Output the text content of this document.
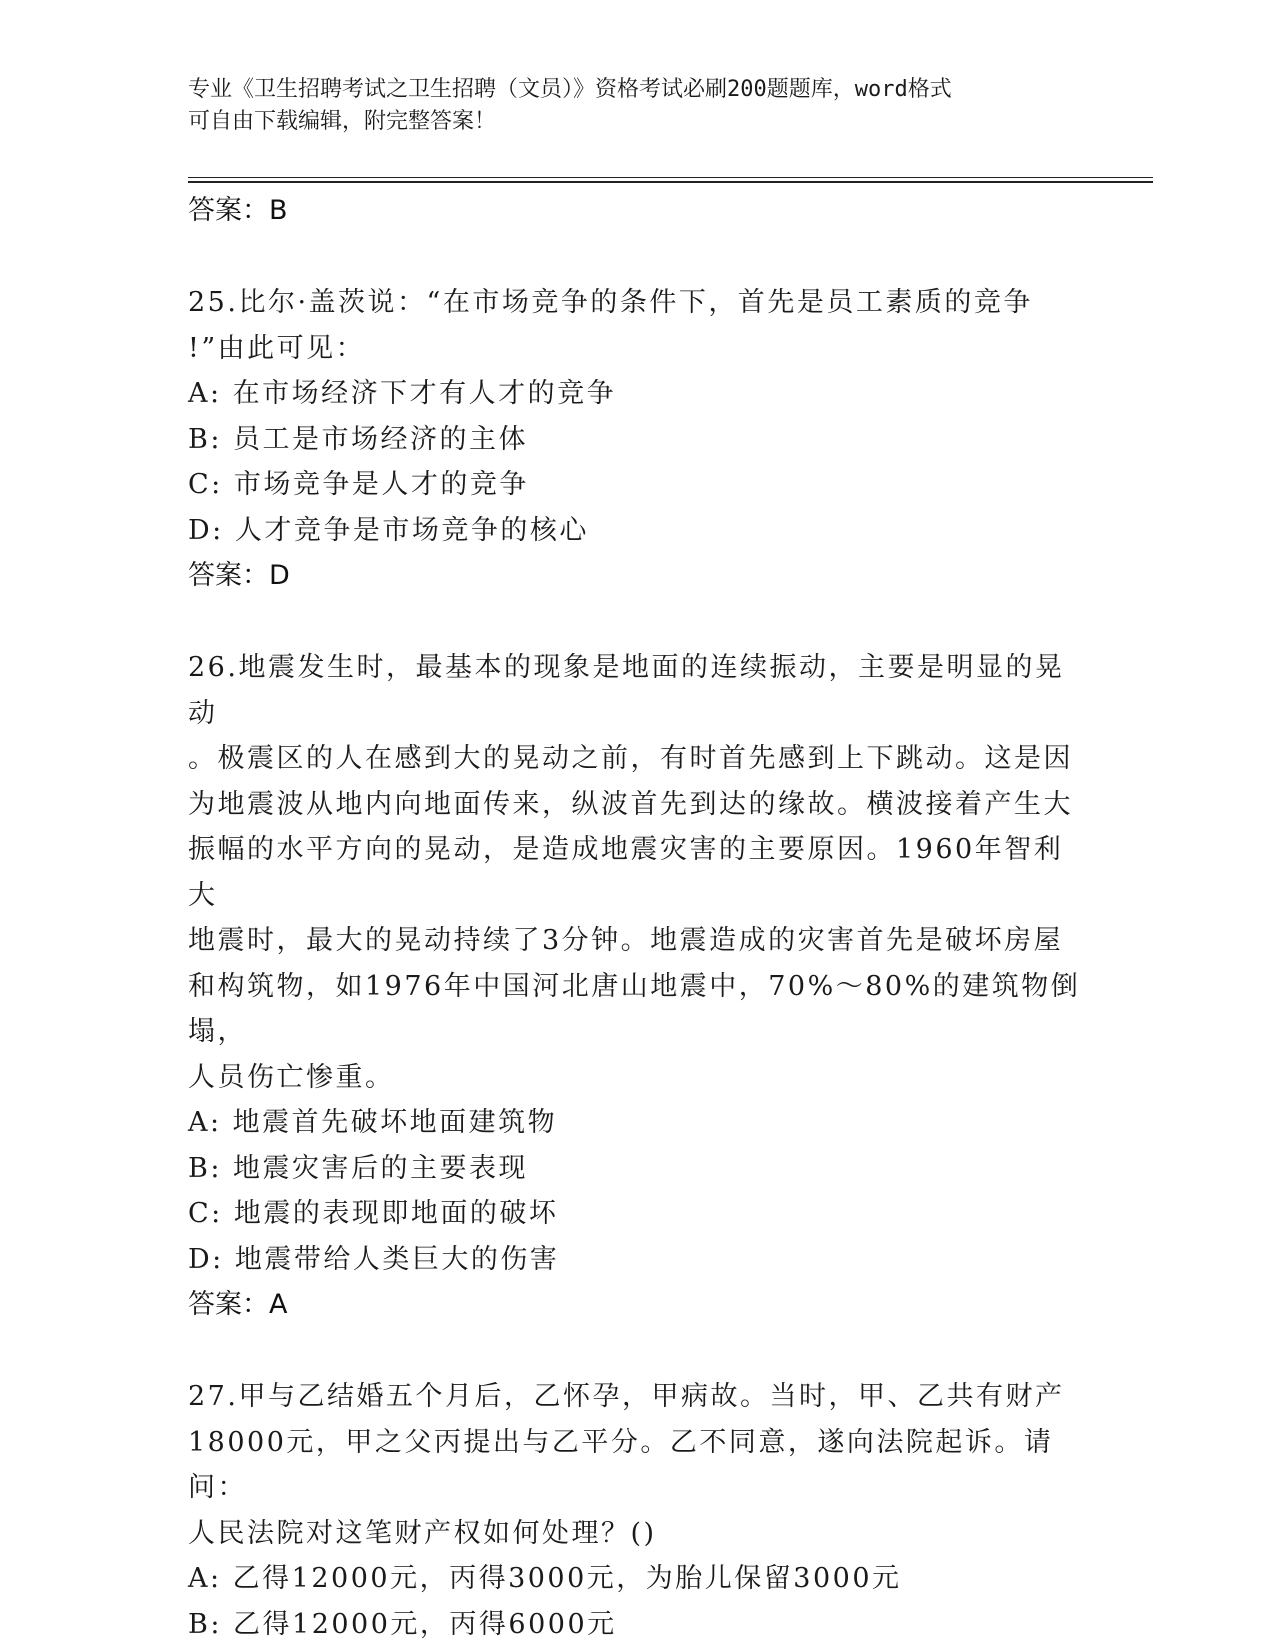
专业《卫生招聘考试之卫生招聘（文员）》资格考试必刷200题题库，word格式
可自由下载编辑，附完整答案！
答案：B
25.比尔·盖茨说：“在市场竞争的条件下，首先是员工素质的竞争
!”由此可见：
A: 在市场经济下才有人才的竞争
B: 员工是市场经济的主体
C: 市场竞争是人才的竞争
D: 人才竞争是市场竞争的核心
答案：D
26.地震发生时，最基本的现象是地面的连续振动，主要是明显的晃动
。极震区的人在感到大的晃动之前，有时首先感到上下跳动。这是因
为地震波从地内向地面传来，纵波首先到达的缘故。横波接着产生大
振幅的水平方向的晃动，是造成地震灾害的主要原因。1960年智利大
地震时，最大的晃动持续了3分钟。地震造成的灾害首先是破坏房屋
和构筑物，如1976年中国河北唐山地震中，70%～80%的建筑物倒塌，
人员伤亡惨重。
A: 地震首先破坏地面建筑物
B: 地震灾害后的主要表现
C: 地震的表现即地面的破坏
D: 地震带给人类巨大的伤害
答案：A
27.甲与乙结婚五个月后，乙怀孕，甲病故。当时，甲、乙共有财产
18000元，甲之父丙提出与乙平分。乙不同意，遂向法院起诉。请问：
人民法院对这笔财产权如何处理？()
A: 乙得12000元，丙得3000元，为胎儿保留3000元
B: 乙得12000元，丙得6000元
